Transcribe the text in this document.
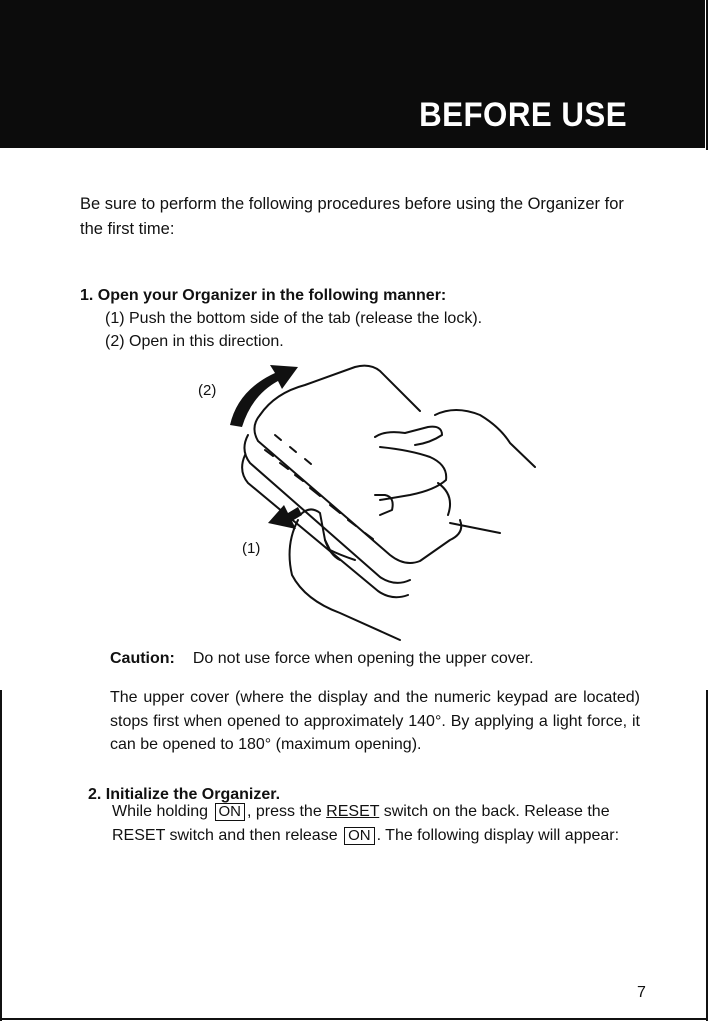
BEFORE USE
Be sure to perform the following procedures before using the Organizer for the first time:
1. Open your Organizer in the following manner:
(1) Push the bottom side of the tab (release the lock).
(2) Open in this direction.
(2)
(1)
Caution: Do not use force when opening the upper cover.
The upper cover (where the display and the numeric keypad are located) stops first when opened to approximately 140°. By applying a light force, it can be opened to 180° (maximum opening).
2. Initialize the Organizer.
While holding ON , press the RESET switch on the back. Release the RESET switch and then release ON . The following display will appear:
7
